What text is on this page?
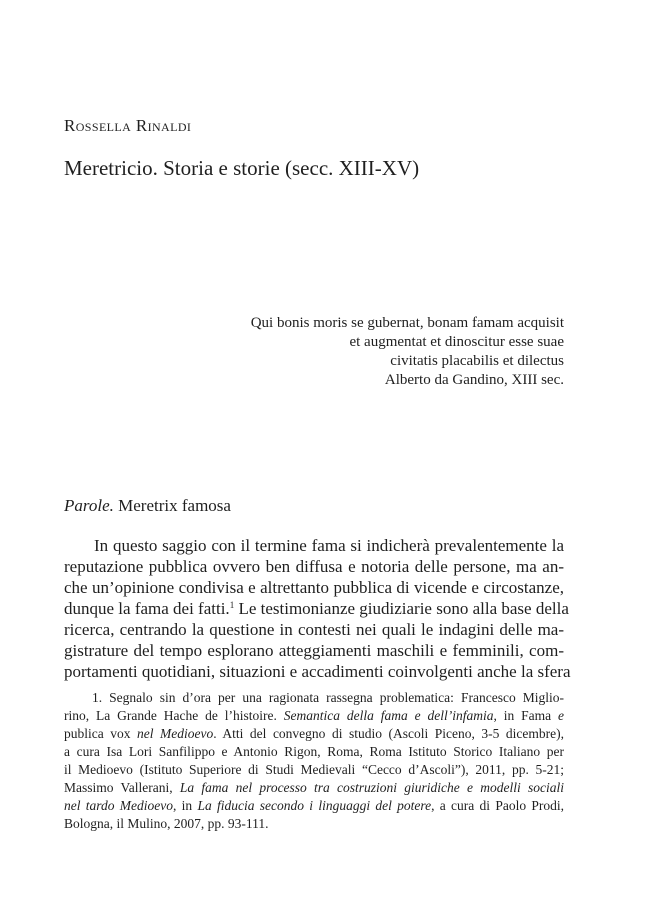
Rossella Rinaldi
Meretricio. Storia e storie (secc. XIII-XV)
Qui bonis moris se gubernat, bonam famam acquisit
et augmentat et dinoscitur esse suae
civitatis placabilis et dilectus
Alberto da Gandino, XIII sec.
Parole. Meretrix famosa
In questo saggio con il termine fama si indicherà prevalentemente la
reputazione pubblica ovvero ben diffusa e notoria delle persone, ma an-
che un’opinione condivisa e altrettanto pubblica di vicende e circostanze,
dunque la fama dei fatti.$^1$ Le testimonianze giudiziarie sono alla base della
ricerca, centrando la questione in contesti nei quali le indagini delle ma-
gistrature del tempo esplorano atteggiamenti maschili e femminili, com-
portamenti quotidiani, situazioni e accadimenti coinvolgenti anche la sfera
1. Segnalo sin d’ora per una ragionata rassegna problematica: Francesco Miglio-
rino, La Grande Hache de l’histoire. Semantica della fama e dell’infamia, in Fama e
publica vox nel Medioevo. Atti del convegno di studio (Ascoli Piceno, 3-5 dicembre),
a cura Isa Lori Sanfilippo e Antonio Rigon, Roma, Roma Istituto Storico Italiano per
il Medioevo (Istituto Superiore di Studi Medievali “Cecco d’Ascoli”), 2011, pp. 5-21;
Massimo Vallerani, La fama nel processo tra costruzioni giuridiche e modelli sociali
nel tardo Medioevo, in La fiducia secondo i linguaggi del potere, a cura di Paolo Prodi,
Bologna, il Mulino, 2007, pp. 93-111.
